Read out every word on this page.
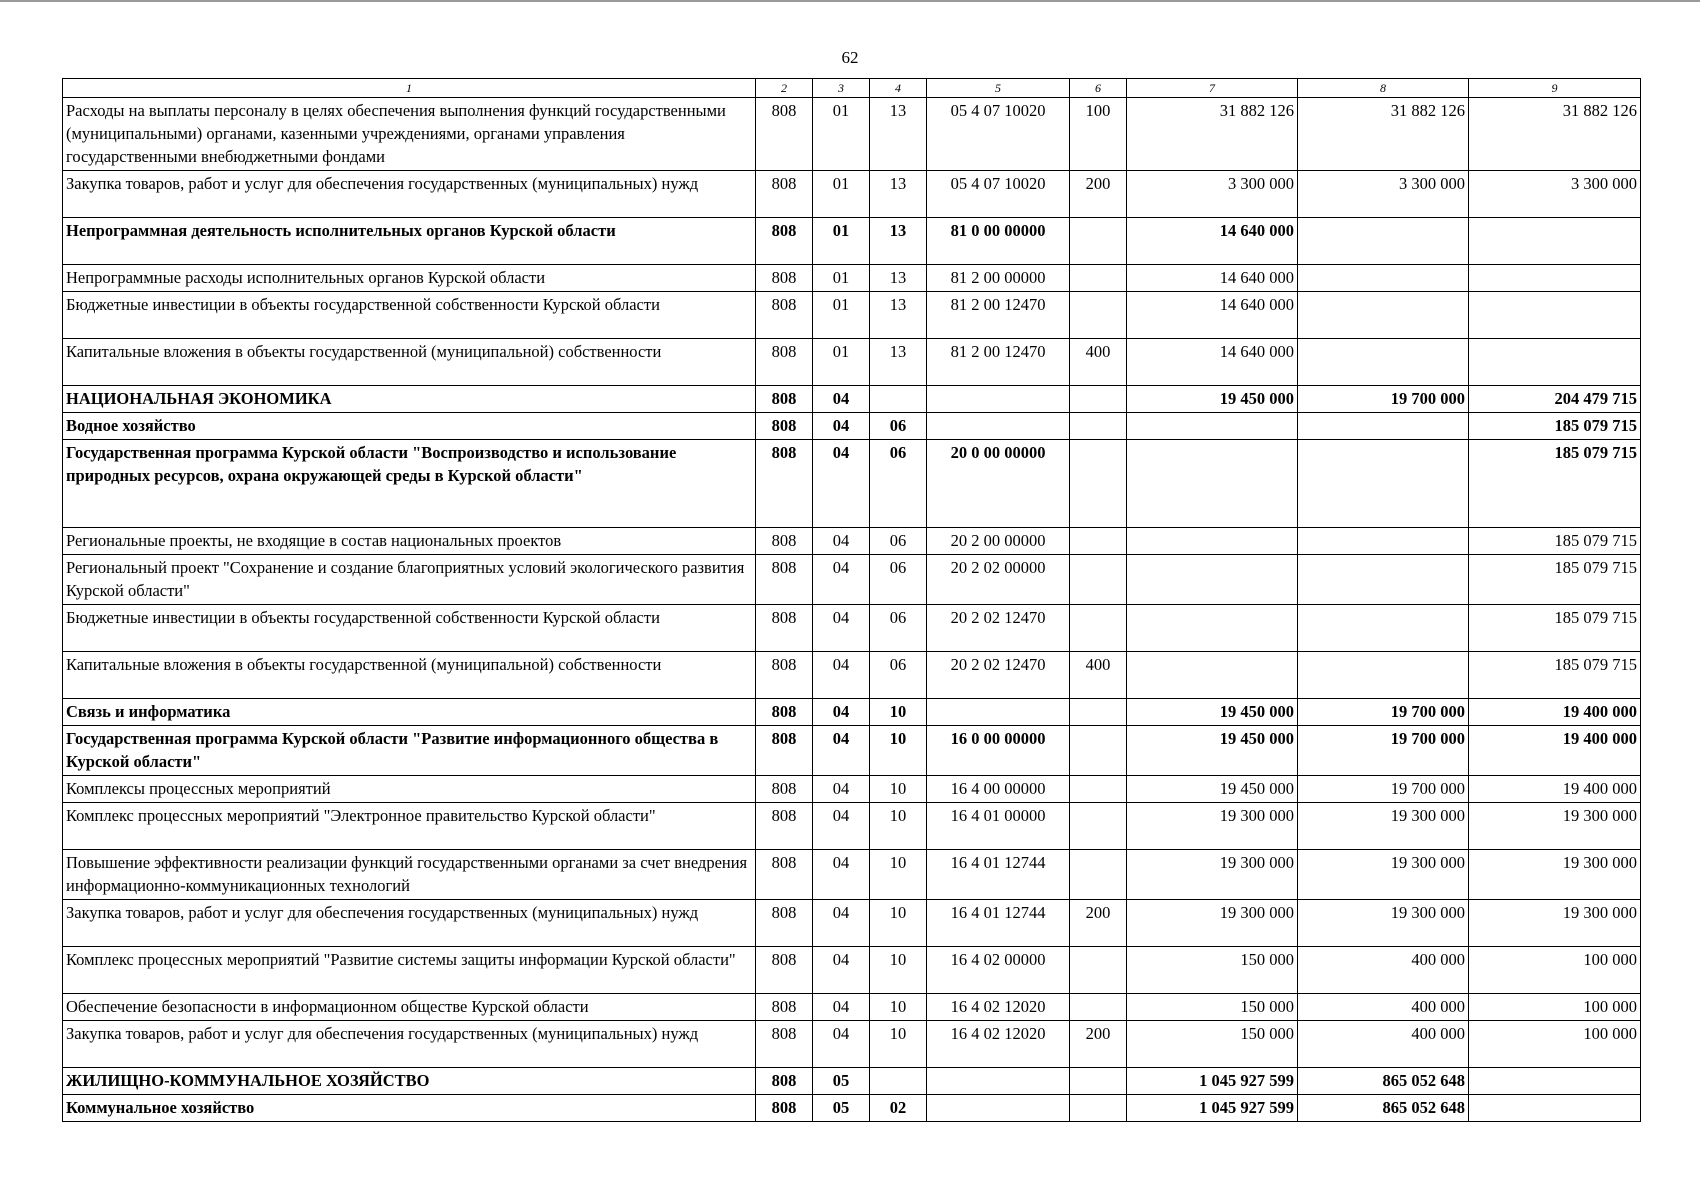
62
1	2	3	4	5	6	7	8	9
Расходы на выплаты персоналу в целях обеспечения выполнения функций государственными (муниципальными) органами, казенными учреждениями, органами управления государственными внебюджетными фондами	808	01	13	05 4 07 10020	100	31 882 126	31 882 126	31 882 126
Закупка товаров, работ и услуг для обеспечения государственных (муниципальных) нужд	808	01	13	05 4 07 10020	200	3 300 000	3 300 000	3 300 000
Непрограммная деятельность исполнительных органов Курской области	808	01	13	81 0 00 00000		14 640 000		
Непрограммные расходы исполнительных органов Курской области	808	01	13	81 2 00 00000		14 640 000		
Бюджетные инвестиции в объекты государственной собственности Курской области	808	01	13	81 2 00 12470		14 640 000		
Капитальные вложения в объекты государственной (муниципальной) собственности	808	01	13	81 2 00 12470	400	14 640 000		
НАЦИОНАЛЬНАЯ ЭКОНОМИКА	808	04				19 450 000	19 700 000	204 479 715
Водное хозяйство	808	04	06					185 079 715
Государственная программа Курской области "Воспроизводство и использование природных ресурсов, охрана окружающей среды в Курской области"	808	04	06	20 0 00 00000				185 079 715
Региональные проекты, не входящие в состав национальных проектов	808	04	06	20 2 00 00000				185 079 715
Региональный проект "Сохранение и создание благоприятных условий экологического развития Курской области"	808	04	06	20 2 02 00000				185 079 715
Бюджетные инвестиции в объекты государственной собственности Курской области	808	04	06	20 2 02 12470				185 079 715
Капитальные вложения в объекты государственной (муниципальной) собственности	808	04	06	20 2 02 12470	400			185 079 715
Связь и информатика	808	04	10			19 450 000	19 700 000	19 400 000
Государственная программа Курской области "Развитие информационного общества в Курской области"	808	04	10	16 0 00 00000		19 450 000	19 700 000	19 400 000
Комплексы процессных мероприятий	808	04	10	16 4 00 00000		19 450 000	19 700 000	19 400 000
Комплекс процессных мероприятий "Электронное правительство Курской области"	808	04	10	16 4 01 00000		19 300 000	19 300 000	19 300 000
Повышение эффективности реализации функций государственными органами за счет внедрения информационно-коммуникационных технологий	808	04	10	16 4 01 12744		19 300 000	19 300 000	19 300 000
Закупка товаров, работ и услуг для обеспечения государственных (муниципальных) нужд	808	04	10	16 4 01 12744	200	19 300 000	19 300 000	19 300 000
Комплекс процессных мероприятий "Развитие системы защиты информации Курской области"	808	04	10	16 4 02 00000		150 000	400 000	100 000
Обеспечение безопасности в информационном обществе Курской области	808	04	10	16 4 02 12020		150 000	400 000	100 000
Закупка товаров, работ и услуг для обеспечения государственных (муниципальных) нужд	808	04	10	16 4 02 12020	200	150 000	400 000	100 000
ЖИЛИЩНО-КОММУНАЛЬНОЕ ХОЗЯЙСТВО	808	05				1 045 927 599	865 052 648	
Коммунальное хозяйство	808	05	02			1 045 927 599	865 052 648	
